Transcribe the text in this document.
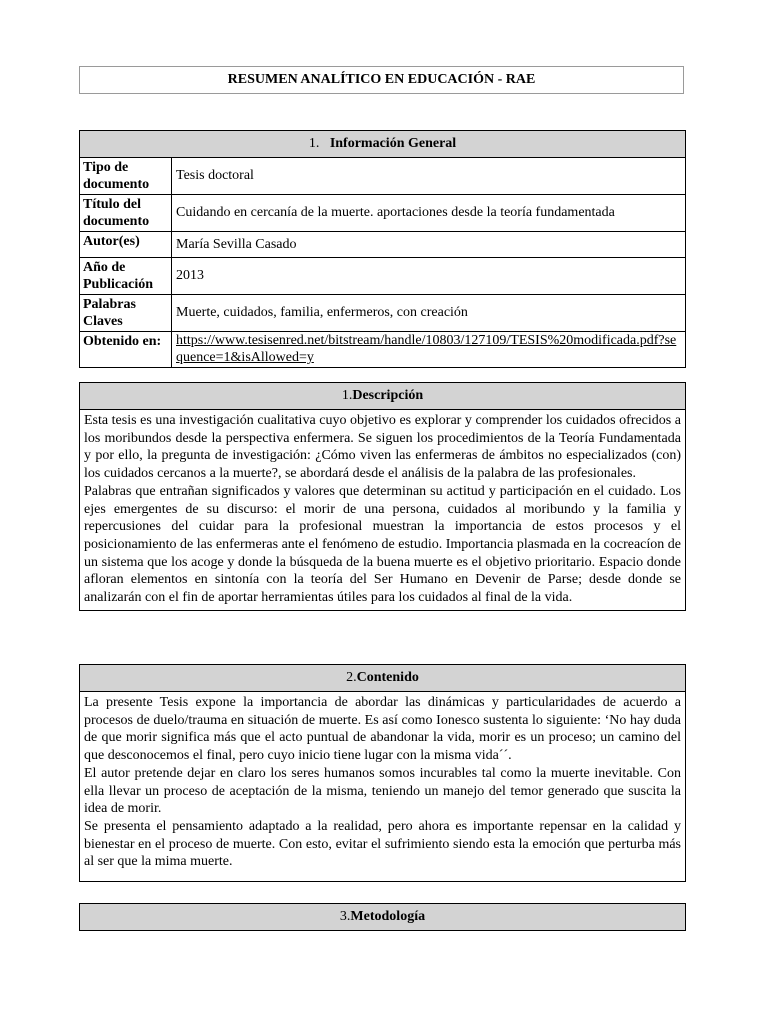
RESUMEN ANALÍTICO EN EDUCACIÓN - RAE
1. Información General	
Tipo de documento	Tesis doctoral
Título del documento	Cuidando en cercanía de la muerte. aportaciones desde la teoría fundamentada
Autor(es)	María Sevilla Casado
Año de Publicación	2013
Palabras Claves	Muerte, cuidados, familia, enfermeros, con creación
Obtenido en:	https://www.tesisenred.net/bitstream/handle/10803/127109/TESIS%20modificada.pdf?sequence=1&isAllowed=y
1.Descripción

Esta tesis es una investigación cualitativa cuyo objetivo es explorar y comprender los cuidados ofrecidos a los moribundos desde la perspectiva enfermera. Se siguen los procedimientos de la Teoría Fundamentada y por ello, la pregunta de investigación: ¿Cómo viven las enfermeras de ámbitos no especializados (con) los cuidados cercanos a la muerte?, se abordará desde el análisis de la palabra de las profesionales.

Palabras que entrañan significados y valores que determinan su actitud y participación en el cuidado. Los ejes emergentes de su discurso: el morir de una persona, cuidados al moribundo y la familia y repercusiones del cuidar para la profesional muestran la importancia de estos procesos y el posicionamiento de las enfermeras ante el fenómeno de estudio. Importancia plasmada en la cocreacíon de un sistema que los acoge y donde la búsqueda de la buena muerte es el objetivo prioritario. Espacio donde afloran elementos en sintonía con la teoría del Ser Humano en Devenir de Parse; desde donde se analizarán con el fin de aportar herramientas útiles para los cuidados al final de la vida.

2.Contenido

La presente Tesis expone la importancia de abordar las dinámicas y particularidades de acuerdo a procesos de duelo/trauma en situación de muerte. Es así como Ionesco sustenta lo siguiente: ‘No hay duda de que morir significa más que el acto puntual de abandonar la vida, morir es un proceso; un camino del que desconocemos el final, pero cuyo inicio tiene lugar con la misma vida´´.

El autor pretende dejar en claro los seres humanos somos incurables tal como la muerte inevitable. Con ella llevar un proceso de aceptación de la misma, teniendo un manejo del temor generado que suscita la idea de morir.

Se presenta el pensamiento adaptado a la realidad, pero ahora es importante repensar en la calidad y bienestar en el proceso de muerte. Con esto, evitar el sufrimiento siendo esta la emoción que perturba más al ser que la mima muerte.

3.Metodología
